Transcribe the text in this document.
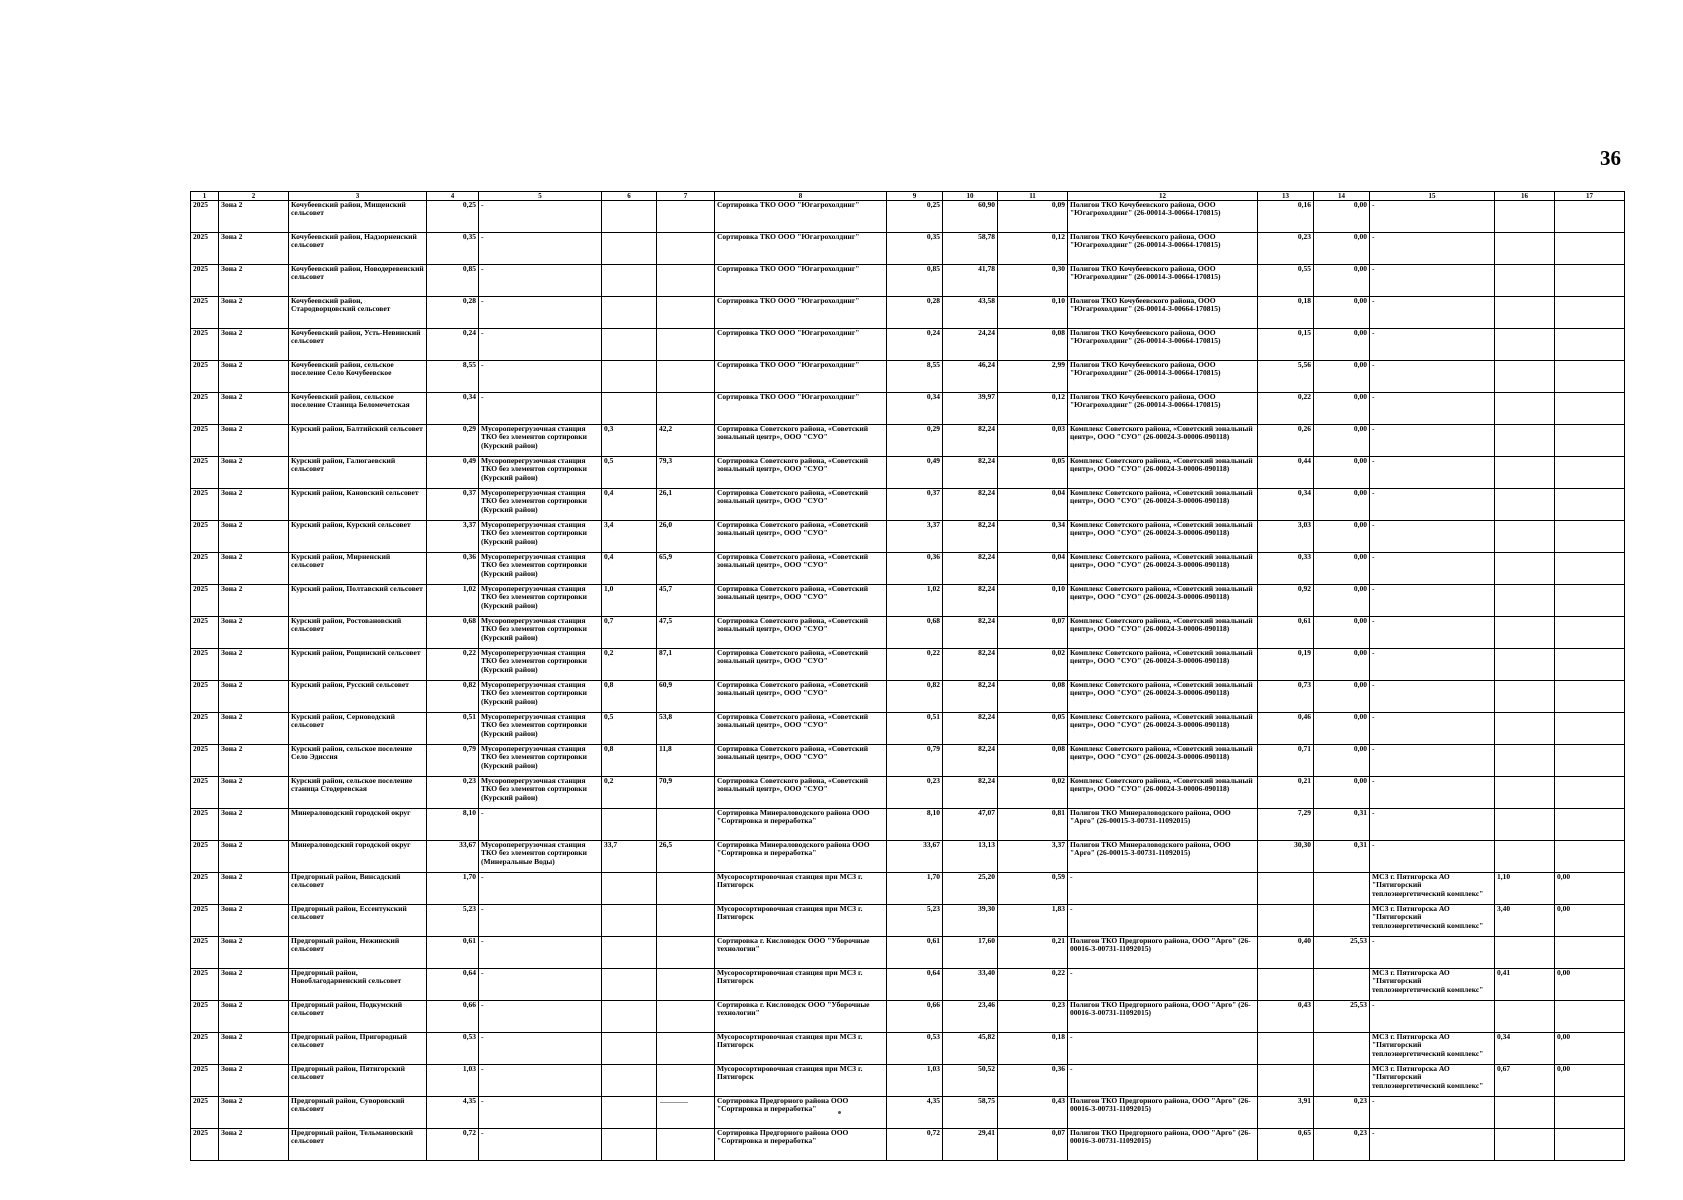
36
1	2	3	4	5	6	7	8	9	10	11	12	13	14	15	16	17
2025	Зона 2	Кочубеевский район, Мищенский сельсовет	0,25	-			Сортировка ТКО ООО "Югагрохолдинг"	0,25	60,90	0,09	Полигон ТКО Кочубеевского района, ООО "Югагрохолдинг" (26-00014-З-00664-170815)	0,16	0,00	-		
2025	Зона 2	Кочубеевский район, Надзорненский сельсовет	0,35	-			Сортировка ТКО ООО "Югагрохолдинг"	0,35	58,78	0,12	Полигон ТКО Кочубеевского района, ООО "Югагрохолдинг" (26-00014-З-00664-170815)	0,23	0,00	-		
2025	Зона 2	Кочубеевский район, Новодеревенский сельсовет	0,85	-			Сортировка ТКО ООО "Югагрохолдинг"	0,85	41,78	0,30	Полигон ТКО Кочубеевского района, ООО "Югагрохолдинг" (26-00014-З-00664-170815)	0,55	0,00	-		
2025	Зона 2	Кочубеевский район, Стародворцовский сельсовет	0,28	-			Сортировка ТКО ООО "Югагрохолдинг"	0,28	43,58	0,10	Полигон ТКО Кочубеевского района, ООО "Югагрохолдинг" (26-00014-З-00664-170815)	0,18	0,00	-		
2025	Зона 2	Кочубеевский район, Усть-Невинский сельсовет	0,24	-			Сортировка ТКО ООО "Югагрохолдинг"	0,24	24,24	0,08	Полигон ТКО Кочубеевского района, ООО "Югагрохолдинг" (26-00014-З-00664-170815)	0,15	0,00	-		
2025	Зона 2	Кочубеевский район, сельское поселение Село Кочубеевское	8,55	-			Сортировка ТКО ООО "Югагрохолдинг"	8,55	46,24	2,99	Полигон ТКО Кочубеевского района, ООО "Югагрохолдинг" (26-00014-З-00664-170815)	5,56	0,00	-		
2025	Зона 2	Кочубеевский район, сельское поселение Станица Беломечетская	0,34	-			Сортировка ТКО ООО "Югагрохолдинг"	0,34	39,97	0,12	Полигон ТКО Кочубеевского района, ООО "Югагрохолдинг" (26-00014-З-00664-170815)	0,22	0,00	-		
2025	Зона 2	Курский район, Балтийский сельсовет	0,29	Мусороперегрузочная станция ТКО без элементов сортировки (Курский район)	0,3	42,2	Сортировка Советского района, «Советский зональный центр», ООО "СУО"	0,29	82,24	0,03	Комплекс Советского района, «Советский зональный центр», ООО "СУО" (26-00024-З-00006-090118)	0,26	0,00	-		
2025	Зона 2	Курский район, Галюгаевский сельсовет	0,49	Мусороперегрузочная станция ТКО без элементов сортировки (Курский район)	0,5	79,3	Сортировка Советского района, «Советский зональный центр», ООО "СУО"	0,49	82,24	0,05	Комплекс Советского района, «Советский зональный центр», ООО "СУО" (26-00024-З-00006-090118)	0,44	0,00	-		
2025	Зона 2	Курский район, Кановский сельсовет	0,37	Мусороперегрузочная станция ТКО без элементов сортировки (Курский район)	0,4	26,1	Сортировка Советского района, «Советский зональный центр», ООО "СУО"	0,37	82,24	0,04	Комплекс Советского района, «Советский зональный центр», ООО "СУО" (26-00024-З-00006-090118)	0,34	0,00	-		
2025	Зона 2	Курский район, Курский сельсовет	3,37	Мусороперегрузочная станция ТКО без элементов сортировки (Курский район)	3,4	26,0	Сортировка Советского района, «Советский зональный центр», ООО "СУО"	3,37	82,24	0,34	Комплекс Советского района, «Советский зональный центр», ООО "СУО" (26-00024-З-00006-090118)	3,03	0,00	-		
2025	Зона 2	Курский район, Мирненский сельсовет	0,36	Мусороперегрузочная станция ТКО без элементов сортировки (Курский район)	0,4	65,9	Сортировка Советского района, «Советский зональный центр», ООО "СУО"	0,36	82,24	0,04	Комплекс Советского района, «Советский зональный центр», ООО "СУО" (26-00024-З-00006-090118)	0,33	0,00	-		
2025	Зона 2	Курский район, Полтавский сельсовет	1,02	Мусороперегрузочная станция ТКО без элементов сортировки (Курский район)	1,0	45,7	Сортировка Советского района, «Советский зональный центр», ООО "СУО"	1,02	82,24	0,10	Комплекс Советского района, «Советский зональный центр», ООО "СУО" (26-00024-З-00006-090118)	0,92	0,00	-		
2025	Зона 2	Курский район, Ростовановский сельсовет	0,68	Мусороперегрузочная станция ТКО без элементов сортировки (Курский район)	0,7	47,5	Сортировка Советского района, «Советский зональный центр», ООО "СУО"	0,68	82,24	0,07	Комплекс Советского района, «Советский зональный центр», ООО "СУО" (26-00024-З-00006-090118)	0,61	0,00	-		
2025	Зона 2	Курский район, Рощинский сельсовет	0,22	Мусороперегрузочная станция ТКО без элементов сортировки (Курский район)	0,2	87,1	Сортировка Советского района, «Советский зональный центр», ООО "СУО"	0,22	82,24	0,02	Комплекс Советского района, «Советский зональный центр», ООО "СУО" (26-00024-З-00006-090118)	0,19	0,00	-		
2025	Зона 2	Курский район, Русский сельсовет	0,82	Мусороперегрузочная станция ТКО без элементов сортировки (Курский район)	0,8	60,9	Сортировка Советского района, «Советский зональный центр», ООО "СУО"	0,82	82,24	0,08	Комплекс Советского района, «Советский зональный центр», ООО "СУО" (26-00024-З-00006-090118)	0,73	0,00	-		
2025	Зона 2	Курский район, Серноводский сельсовет	0,51	Мусороперегрузочная станция ТКО без элементов сортировки (Курский район)	0,5	53,8	Сортировка Советского района, «Советский зональный центр», ООО "СУО"	0,51	82,24	0,05	Комплекс Советского района, «Советский зональный центр», ООО "СУО" (26-00024-З-00006-090118)	0,46	0,00	-		
2025	Зона 2	Курский район, сельское поселение Село Эдиссия	0,79	Мусороперегрузочная станция ТКО без элементов сортировки (Курский район)	0,8	11,8	Сортировка Советского района, «Советский зональный центр», ООО "СУО"	0,79	82,24	0,08	Комплекс Советского района, «Советский зональный центр», ООО "СУО" (26-00024-З-00006-090118)	0,71	0,00	-		
2025	Зона 2	Курский район, сельское поселение станица Стодеревская	0,23	Мусороперегрузочная станция ТКО без элементов сортировки (Курский район)	0,2	70,9	Сортировка Советского района, «Советский зональный центр», ООО "СУО"	0,23	82,24	0,02	Комплекс Советского района, «Советский зональный центр», ООО "СУО" (26-00024-З-00006-090118)	0,21	0,00	-		
2025	Зона 2	Минераловодский городской округ	8,10	-			Сортировка Минераловодского района ООО "Сортировка и переработка"	8,10	47,07	0,81	Полигон ТКО Минераловодского района, ООО "Арго" (26-00015-З-00731-11092015)	7,29	0,31	-		
2025	Зона 2	Минераловодский городской округ	33,67	Мусороперегрузочная станция ТКО без элементов сортировки (Минеральные Воды)	33,7	26,5	Сортировка Минераловодского района ООО "Сортировка и переработка"	33,67	13,13	3,37	Полигон ТКО Минераловодского района, ООО "Арго" (26-00015-З-00731-11092015)	30,30	0,31	-		
2025	Зона 2	Предгорный район, Винсадский сельсовет	1,70	-			Мусоросортировочная станция при МСЗ г. Пятигорск	1,70	25,20	0,59	-			МСЗ г. Пятигорска АО "Пятигорский теплоэнергетический комплекс"	1,10	0,00
2025	Зона 2	Предгорный район, Ессентукский сельсовет	5,23	-			Мусоросортировочная станция при МСЗ г. Пятигорск	5,23	39,30	1,83	-			МСЗ г. Пятигорска АО "Пятигорский теплоэнергетический комплекс"	3,40	0,00
2025	Зона 2	Предгорный район, Нежинский сельсовет	0,61	-			Сортировка г. Кисловодск ООО "Уборочные технологии"	0,61	17,60	0,21	Полигон ТКО Предгорного района, ООО "Арго" (26-00016-З-00731-11092015)	0,40	25,53	-		
2025	Зона 2	Предгорный район, Новоблагодарненский сельсовет	0,64	-			Мусоросортировочная станция при МСЗ г. Пятигорск	0,64	33,40	0,22	-			МСЗ г. Пятигорска АО "Пятигорский теплоэнергетический комплекс"	0,41	0,00
2025	Зона 2	Предгорный район, Подкумский сельсовет	0,66	-			Сортировка г. Кисловодск ООО "Уборочные технологии"	0,66	23,46	0,23	Полигон ТКО Предгорного района, ООО "Арго" (26-00016-З-00731-11092015)	0,43	25,53	-		
2025	Зона 2	Предгорный район, Пригородный сельсовет	0,53	-			Мусоросортировочная станция при МСЗ г. Пятигорск	0,53	45,82	0,18	-			МСЗ г. Пятигорска АО "Пятигорский теплоэнергетический комплекс"	0,34	0,00
2025	Зона 2	Предгорный район, Пятигорский сельсовет	1,03	-			Мусоросортировочная станция при МСЗ г. Пятигорск	1,03	50,52	0,36	-			МСЗ г. Пятигорска АО "Пятигорский теплоэнергетический комплекс"	0,67	0,00
2025	Зона 2	Предгорный район, Суворовский сельсовет	4,35	-			Сортировка Предгорного района ООО "Сортировка и переработка"	4,35	58,75	0,43	Полигон ТКО Предгорного района, ООО "Арго" (26-00016-З-00731-11092015)	3,91	0,23	-		
2025	Зона 2	Предгорный район, Тельмановский сельсовет	0,72	-			Сортировка Предгорного района ООО "Сортировка и переработка"	0,72	29,41	0,07	Полигон ТКО Предгорного района, ООО "Арго" (26-00016-З-00731-11092015)	0,65	0,23	-		
